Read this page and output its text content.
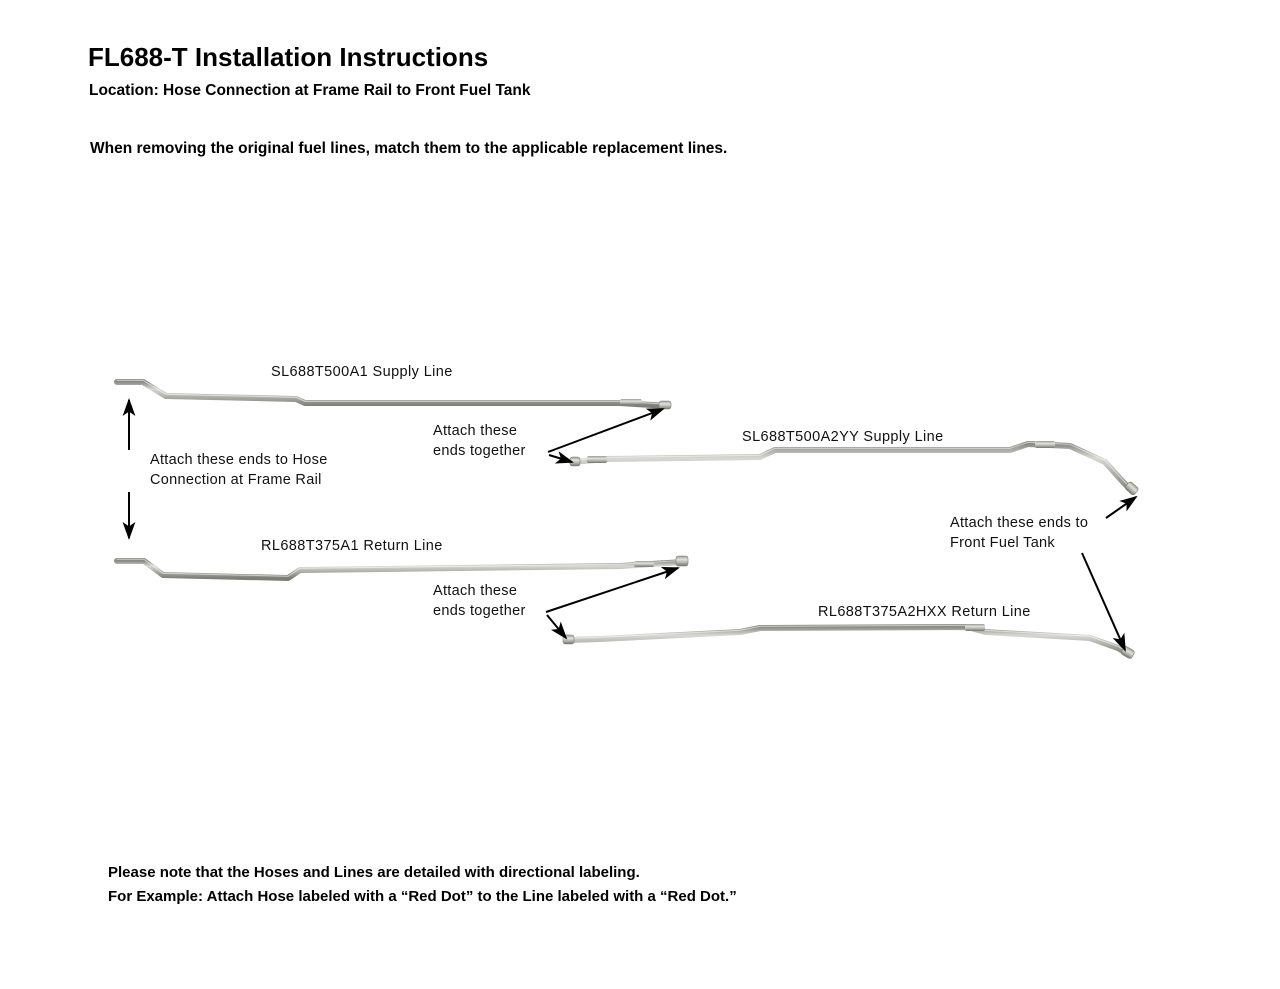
FL688-T Installation Instructions
Location: Hose Connection at Frame Rail to Front Fuel Tank
When removing the original fuel lines, match them to the applicable replacement lines.
SL688T500A1 Supply Line
SL688T500A2YY Supply Line
RL688T375A1 Return Line
RL688T375A2HXX Return Line
Attach these ends to Hose
Connection at Frame Rail
Attach these
ends together
Attach these
ends together
Attach these ends to
Front Fuel Tank
Please note that the Hoses and Lines are detailed with directional labeling.
For Example: Attach Hose labeled with a “Red Dot” to the Line labeled with a “Red Dot.”
